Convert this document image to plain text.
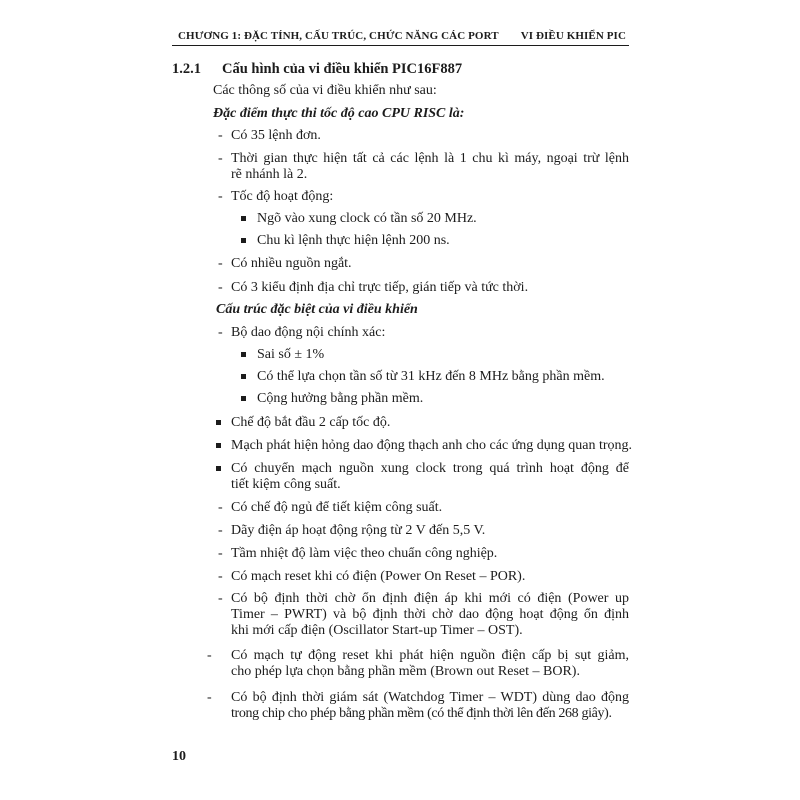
CHƯƠNG 1: ĐẶC TÍNH, CẤU TRÚC, CHỨC NĂNG CÁC PORT VI ĐIỀU KHIỂN PIC
1.2.1 Cấu hình của vi điều khiển PIC16F887
Các thông số của vi điều khiển như sau:
Đặc điểm thực thi tốc độ cao CPU RISC là:
- Có 35 lệnh đơn.
- Thời gian thực hiện tất cả các lệnh là 1 chu kì máy, ngoại trừ lệnh
rẽ nhánh là 2.
- Tốc độ hoạt động:
Ngõ vào xung clock có tần số 20 MHz.
Chu kì lệnh thực hiện lệnh 200 ns.
- Có nhiều nguồn ngắt.
- Có 3 kiểu định địa chỉ trực tiếp, gián tiếp và tức thời.
Cấu trúc đặc biệt của vi điều khiển
- Bộ dao động nội chính xác:
Sai số ± 1%
Có thể lựa chọn tần số từ 31 kHz đến 8 MHz bằng phần mềm.
Cộng hưởng bằng phần mềm.
Chế độ bắt đầu 2 cấp tốc độ.
Mạch phát hiện hỏng dao động thạch anh cho các ứng dụng quan trọng.
Có chuyển mạch nguồn xung clock trong quá trình hoạt động để
tiết kiệm công suất.
- Có chế độ ngủ để tiết kiệm công suất.
- Dãy điện áp hoạt động rộng từ 2 V đến 5,5 V.
- Tầm nhiệt độ làm việc theo chuẩn công nghiệp.
- Có mạch reset khi có điện (Power On Reset – POR).
- Có bộ định thời chờ ổn định điện áp khi mới có điện (Power up
Timer – PWRT) và bộ định thời chờ dao động hoạt động ổn định
khi mới cấp điện (Oscillator Start-up Timer – OST).
- Có mạch tự động reset khi phát hiện nguồn điện cấp bị sụt giảm,
cho phép lựa chọn bằng phần mềm (Brown out Reset – BOR).
- Có bộ định thời giám sát (Watchdog Timer – WDT) dùng dao động
trong chip cho phép bằng phần mềm (có thể định thời lên đến 268 giây).
10
